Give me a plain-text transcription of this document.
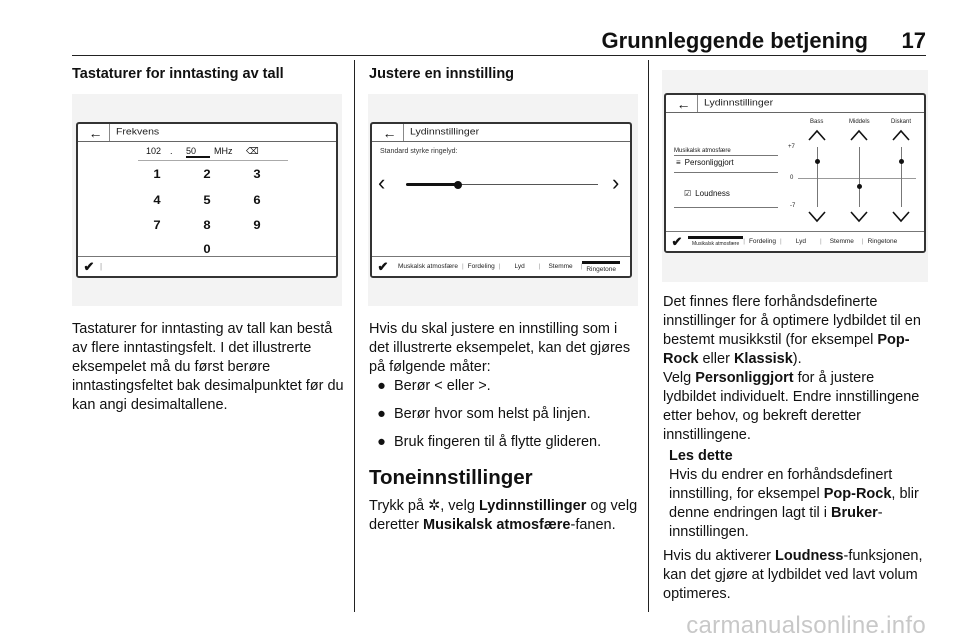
Grunnleggende betjening 17
Tastaturer for inntasting av tall
←	Frekvens
102 .	50	MHz	⌫
1	2	3
4	5	6
7	8	9
0
✔ |
Tastaturer for inntasting av tall kan bestå av flere inntastingsfelt. I det illustrerte eksempelet må du først berøre inntastingsfeltet bak desimalpunktet før du kan angi desimaltallene.
Justere en innstilling
←	Lydinnstillinger
Standard styrke ringelyd:
‹	›
✔	Muskalsk atmosfære | Fordeling |	Lyd	|	Stemme	| Ringetone
Hvis du skal justere en innstilling som i det illustrerte eksempelet, kan det gjøres på følgende måter:
● Berør < eller >.
● Berør hvor som helst på linjen.
● Bruk fingeren til å flytte glideren.
Toneinnstillinger
Trykk på ✲, velg Lydinnstillinger og velg deretter Musikalsk atmosfære-fanen.
←	Lydinnstillinger
Bass	Middels	Diskant
+7
0
-7
Musikalsk atmosfære
≡ Personliggjort
☑ Loudness
✔	Musikalsk atmosfære | Fordeling |	Lyd	|	Stemme	| Ringetone
Det finnes flere forhåndsdefinerte innstillinger for å optimere lydbildet til en bestemt musikkstil (for eksempel Pop-Rock eller Klassisk).
Velg Personliggjort for å justere lydbildet individuelt. Endre innstillingene etter behov, og bekreft deretter innstillingene.
Les dette
Hvis du endrer en forhåndsdefinert innstilling, for eksempel Pop-Rock, blir denne endringen lagt til i Bruker-innstillingen.
Hvis du aktiverer Loudness-funksjonen, kan det gjøre at lydbildet ved lavt volum optimeres.
carmanualsonline.info
